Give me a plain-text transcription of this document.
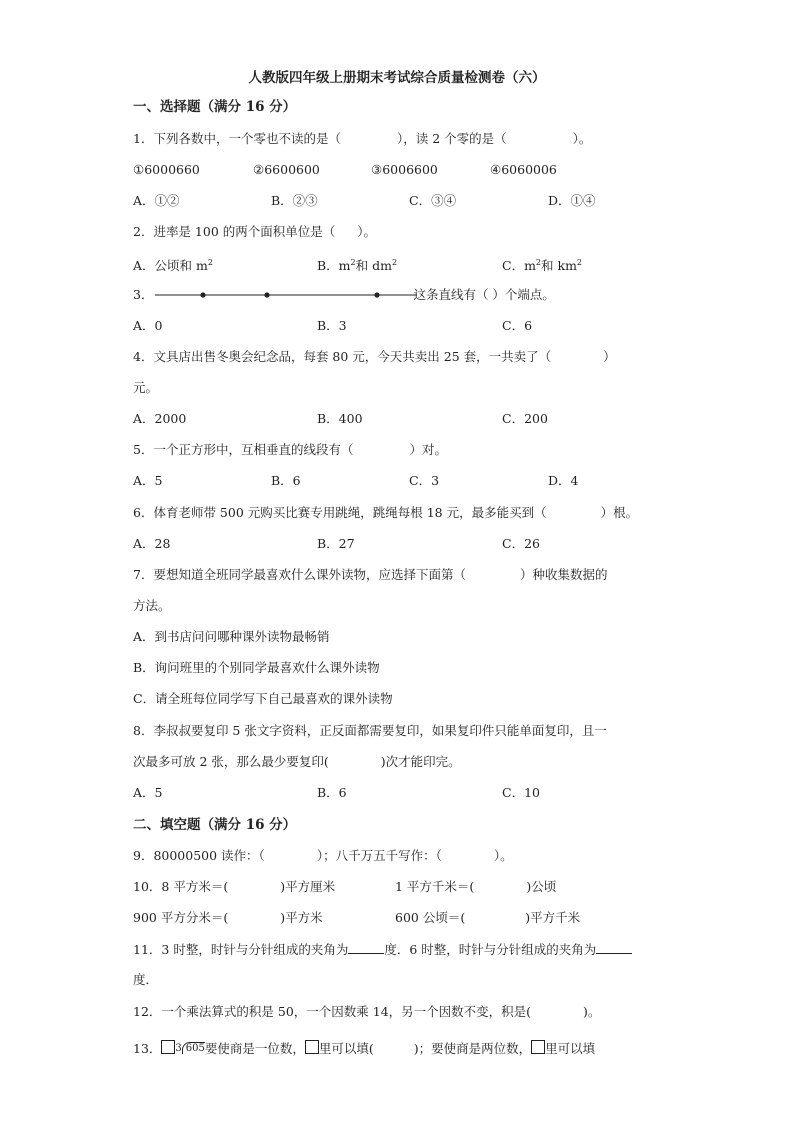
人教版四年级上册期末考试综合质量检测卷（六）
一、选择题（满分 16 分）
1．下列各数中，一个零也不读的是（	），读 2 个零的是（	）。
①6000660	②6600600	③6006600	④6060006
A．①②	B．②③	C．③④	D．①④
2．进率是 100 的两个面积单位是（ ）。
A．公顷和 $m^2$	B．$m^2$和 $dm^2$	C．$m^2$和 $km^2$
3．	这条直线有（ ）个端点。
A．0	B．3	C．6
4．文具店出售冬奥会纪念品，每套 80 元，今天共卖出 25 套，一共卖了（	）
元。
A．2000	B．400	C．200
5．一个正方形中，互相垂直的线段有（	）对。
A．5	B．6	C．3	D．4
6．体育老师带 500 元购买比赛专用跳绳，跳绳每根 18 元，最多能买到（	）根。
A．28	B．27	C．26
7．要想知道全班同学最喜欢什么课外读物，应选择下面第（	）种收集数据的
方法。
A．到书店问问哪种课外读物最畅销
B．询问班里的个别同学最喜欢什么课外读物
C．请全班每位同学写下自己最喜欢的课外读物
8．李叔叔要复印 5 张文字资料，正反面都需要复印，如果复印件只能单面复印，且一
次最多可放 2 张，那么最少要复印(	)次才能印完。
A．5	B．6	C．10
二、填空题（满分 16 分）
9．80000500 读作：（	）；八千万五千写作：（	）。
10．8 平方米＝(	)平方厘米	1 平方千米＝(	)公顷
900 平方分米＝(	)平方米	600 公顷＝(	)平方千米
11．3 时整，时针与分针组成的夹角为	度．6 时整，时针与分针组成的夹角为
度．
12．一个乘法算式的积是 50，一个因数乘 14，另一个因数不变，积是(	)。
13． 3 605要使商是一位数， 里可以填(	)；要使商是两位数， 里可以填
